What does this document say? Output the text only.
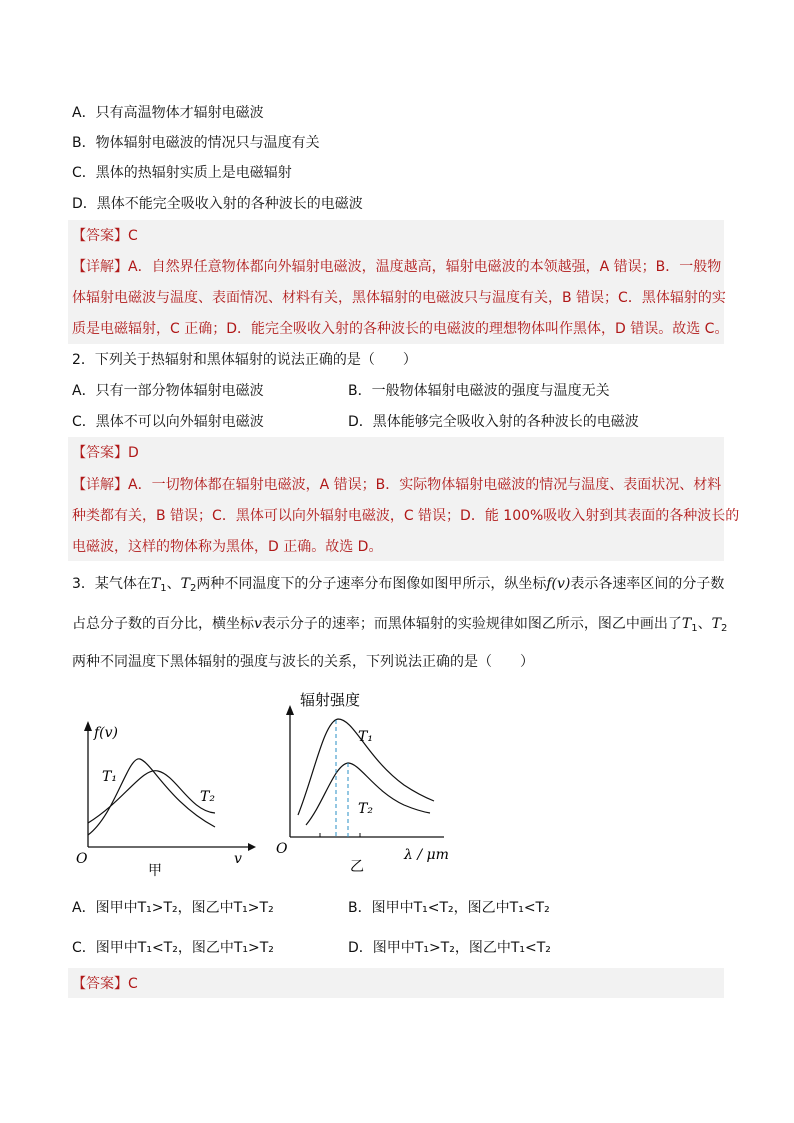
A．只有高温物体才辐射电磁波
B．物体辐射电磁波的情况只与温度有关
C．黑体的热辐射实质上是电磁辐射
D．黑体不能完全吸收入射的各种波长的电磁波
【答案】C
【详解】A．自然界任意物体都向外辐射电磁波，温度越高，辐射电磁波的本领越强，A 错误；B．一般物
体辐射电磁波与温度、表面情况、材料有关，黑体辐射的电磁波只与温度有关，B 错误；C．黑体辐射的实
质是电磁辐射，C 正确；D．能完全吸收入射的各种波长的电磁波的理想物体叫作黑体，D 错误。故选 C。
2．下列关于热辐射和黑体辐射的说法正确的是（　　）
A．只有一部分物体辐射电磁波	B．一般物体辐射电磁波的强度与温度无关
C．黑体不可以向外辐射电磁波	D．黑体能够完全吸收入射的各种波长的电磁波
【答案】D
【详解】A．一切物体都在辐射电磁波，A 错误；B．实际物体辐射电磁波的情况与温度、表面状况、材料
种类都有关，B 错误；C．黑体可以向外辐射电磁波，C 错误；D．能 100%吸收入射到其表面的各种波长的
电磁波，这样的物体称为黑体，D 正确。故选 D。
3．某气体在$T_1$、$T_2$两种不同温度下的分子速率分布图像如图甲所示，纵坐标f(v)表示各速率区间的分子数
占总分子数的百分比，横坐标v表示分子的速率；而黑体辐射的实验规律如图乙所示，图乙中画出了$T_1$、$T_2$
两种不同温度下黑体辐射的强度与波长的关系，下列说法正确的是（　　）
f(v)
T₁
T₂
O	v
甲
辐射强度
T₁
T₂
O	λ / μm
乙
A．图甲中T₁>T₂，图乙中T₁>T₂	B．图甲中T₁<T₂，图乙中T₁<T₂
C．图甲中T₁<T₂，图乙中T₁>T₂	D．图甲中T₁>T₂，图乙中T₁<T₂
【答案】C
